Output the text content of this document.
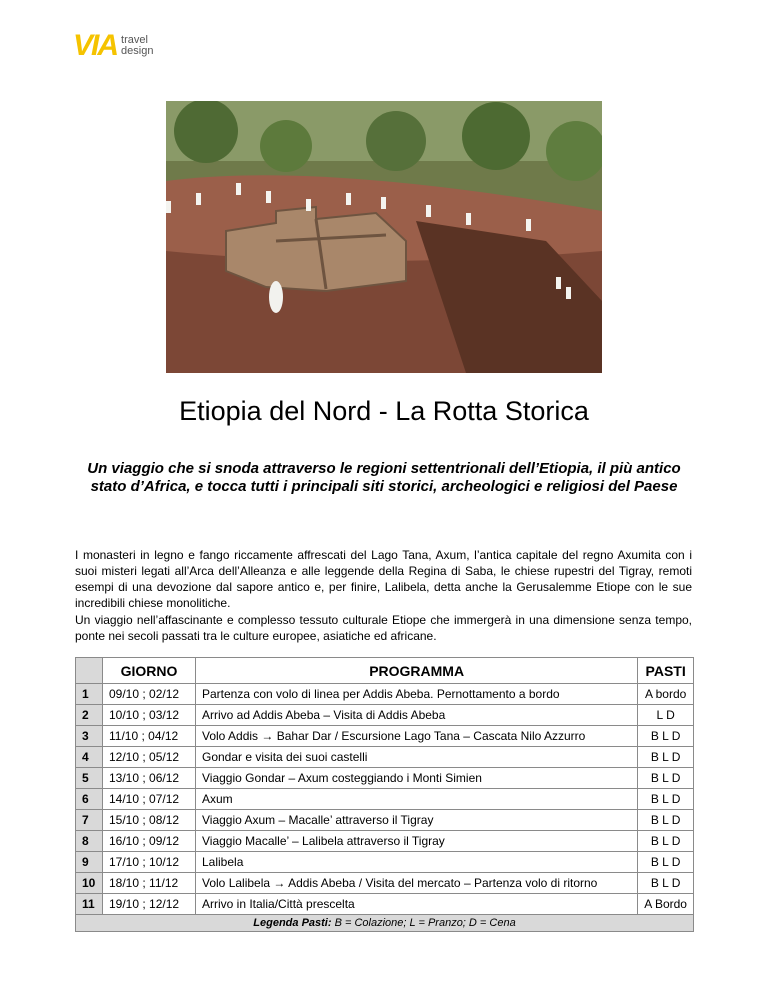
VIA travel
design
Etiopia del Nord - La Rotta Storica
Un viaggio che si snoda attraverso le regioni settentrionali dell’Etiopia, il più antico stato d’Africa, e tocca tutti i principali siti storici, archeologici e religiosi del Paese
I monasteri in legno e fango riccamente affrescati del Lago Tana, Axum, l’antica capitale del regno Axumita con i suoi misteri legati all’Arca dell’Alleanza e alle leggende della Regina di Saba, le chiese rupestri del Tigray, remoti esempi di una devozione dal sapore antico e, per finire, Lalibela, detta anche la Gerusalemme Etiope con le sue incredibili chiese monolitiche.
Un viaggio nell’affascinante e complesso tessuto culturale Etiope che immergerà in una dimensione senza tempo, ponte nei secoli passati tra le culture europee, asiatiche ed africane.
	GIORNO	PROGRAMMA	PASTI
1	09/10 ; 02/12	Partenza con volo di linea per Addis Abeba. Pernottamento a bordo	A bordo
2	10/10 ; 03/12	Arrivo ad Addis Abeba – Visita di Addis Abeba	L D
3	11/10 ; 04/12	Volo Addis → Bahar Dar / Escursione Lago Tana – Cascata Nilo Azzurro	B L D
4	12/10 ; 05/12	Gondar e visita dei suoi castelli	B L D
5	13/10 ; 06/12	Viaggio Gondar – Axum costeggiando i Monti Simien	B L D
6	14/10 ; 07/12	Axum	B L D
7	15/10 ; 08/12	Viaggio Axum – Macalle’ attraverso il Tigray	B L D
8	16/10 ; 09/12	Viaggio Macalle’ – Lalibela attraverso il Tigray	B L D
9	17/10 ; 10/12	Lalibela	B L D
10	18/10 ; 11/12	Volo Lalibela → Addis Abeba / Visita del mercato – Partenza volo di ritorno	B L D
11	19/10 ; 12/12	Arrivo in Italia/Città prescelta	A Bordo
Legenda Pasti: B = Colazione; L = Pranzo; D = Cena			
